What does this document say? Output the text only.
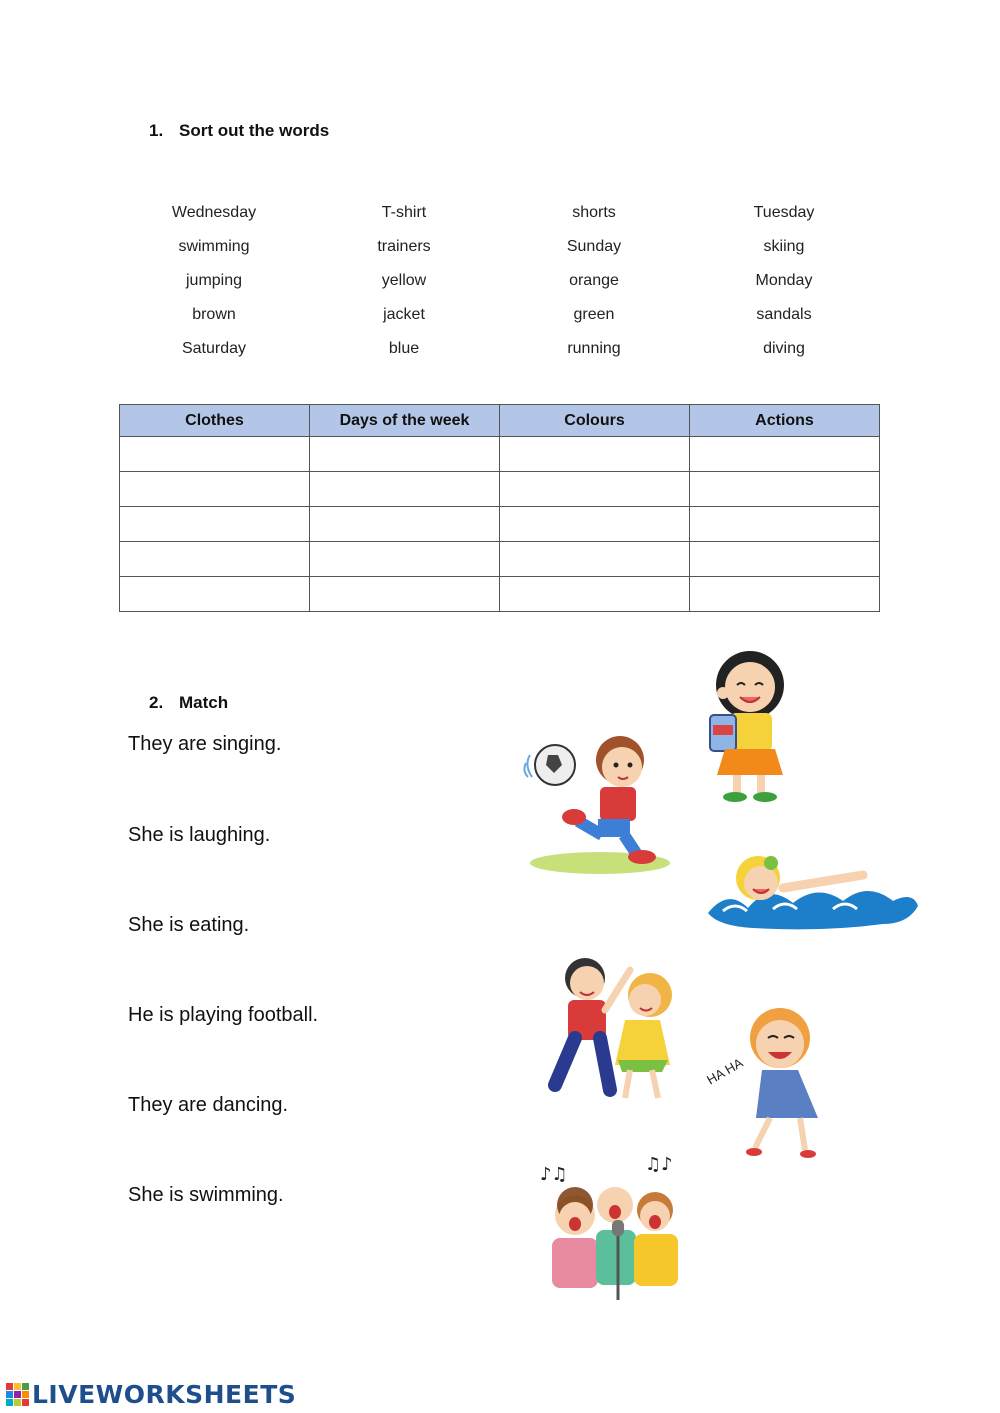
1. Sort out the words
Wednesday	T-shirt	shorts	Tuesday
swimming	trainers	Sunday	skiing
jumping	yellow	orange	Monday
brown	jacket	green	sandals
Saturday	blue	running	diving
Clothes	Days of the week	Colours	Actions

2. Match
They are singing.
She is laughing.
She is eating.
He is playing football.
They are dancing.
She is swimming.
HA HA
♪♫	♫♪
LIVEWORKSHEETS
